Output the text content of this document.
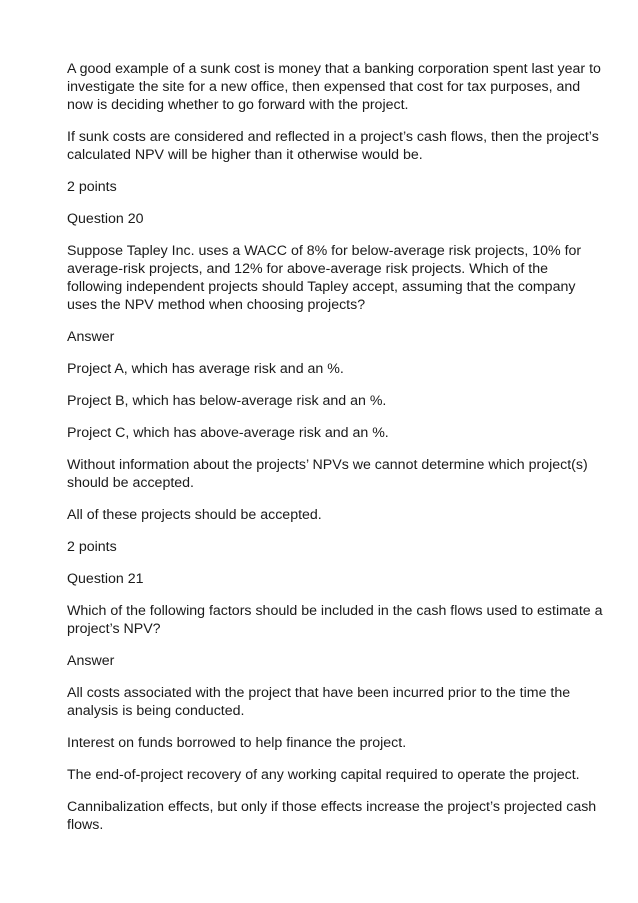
A good example of a sunk cost is money that a banking corporation spent last year to investigate the site for a new office, then expensed that cost for tax purposes, and now is deciding whether to go forward with the project.

If sunk costs are considered and reflected in a project’s cash flows, then the project’s calculated NPV will be higher than it otherwise would be.

2 points

Question 20

Suppose Tapley Inc. uses a WACC of 8% for below-average risk projects, 10% for average-risk projects, and 12% for above-average risk projects. Which of the following independent projects should Tapley accept, assuming that the company uses the NPV method when choosing projects?

Answer

Project A, which has average risk and an %.

Project B, which has below-average risk and an %.

Project C, which has above-average risk and an %.

Without information about the projects’ NPVs we cannot determine which project(s) should be accepted.

All of these projects should be accepted.

2 points

Question 21

Which of the following factors should be included in the cash flows used to estimate a project’s NPV?

Answer

All costs associated with the project that have been incurred prior to the time the analysis is being conducted.

Interest on funds borrowed to help finance the project.

The end-of-project recovery of any working capital required to operate the project.

Cannibalization effects, but only if those effects increase the project’s projected cash flows.
